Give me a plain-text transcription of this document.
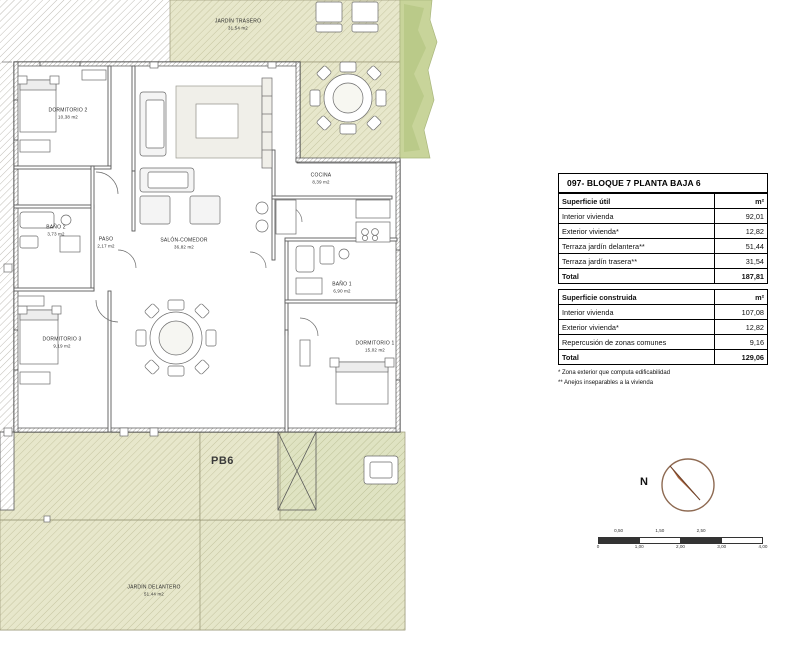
JARDÍN TRASERO
31,54 m2
DORMITORIO 2
10,38 m2
COCINA
8,39 m2
BAÑO 2
3,73 m2
PASO
2,17 m2
SALÓN-COMEDOR
36,82 m2
BAÑO 1
6,90 m2
DORMITORIO 3
9,19 m2	DORMITORIO 1
15,02 m2
JARDÍN DELANTERO
51,44 m2
PB6
097- BLOQUE 7 PLANTA BAJA 6
Superficie útil	m²
Interior vivienda	92,01
Exterior vivienda*	12,82
Terraza jardín delantera**	51,44
Terraza jardín trasera**	31,54
Total	187,81
Superficie construida	m²
Interior vivienda	107,08
Exterior vivienda*	12,82
Repercusión de zonas comunes	9,16
Total	129,06
* Zona exterior que computa edificabilidad
** Anejos inseparables a la vivienda
N
0,50	1,50	2,50
0	1,00	2,00	3,00	4,00
